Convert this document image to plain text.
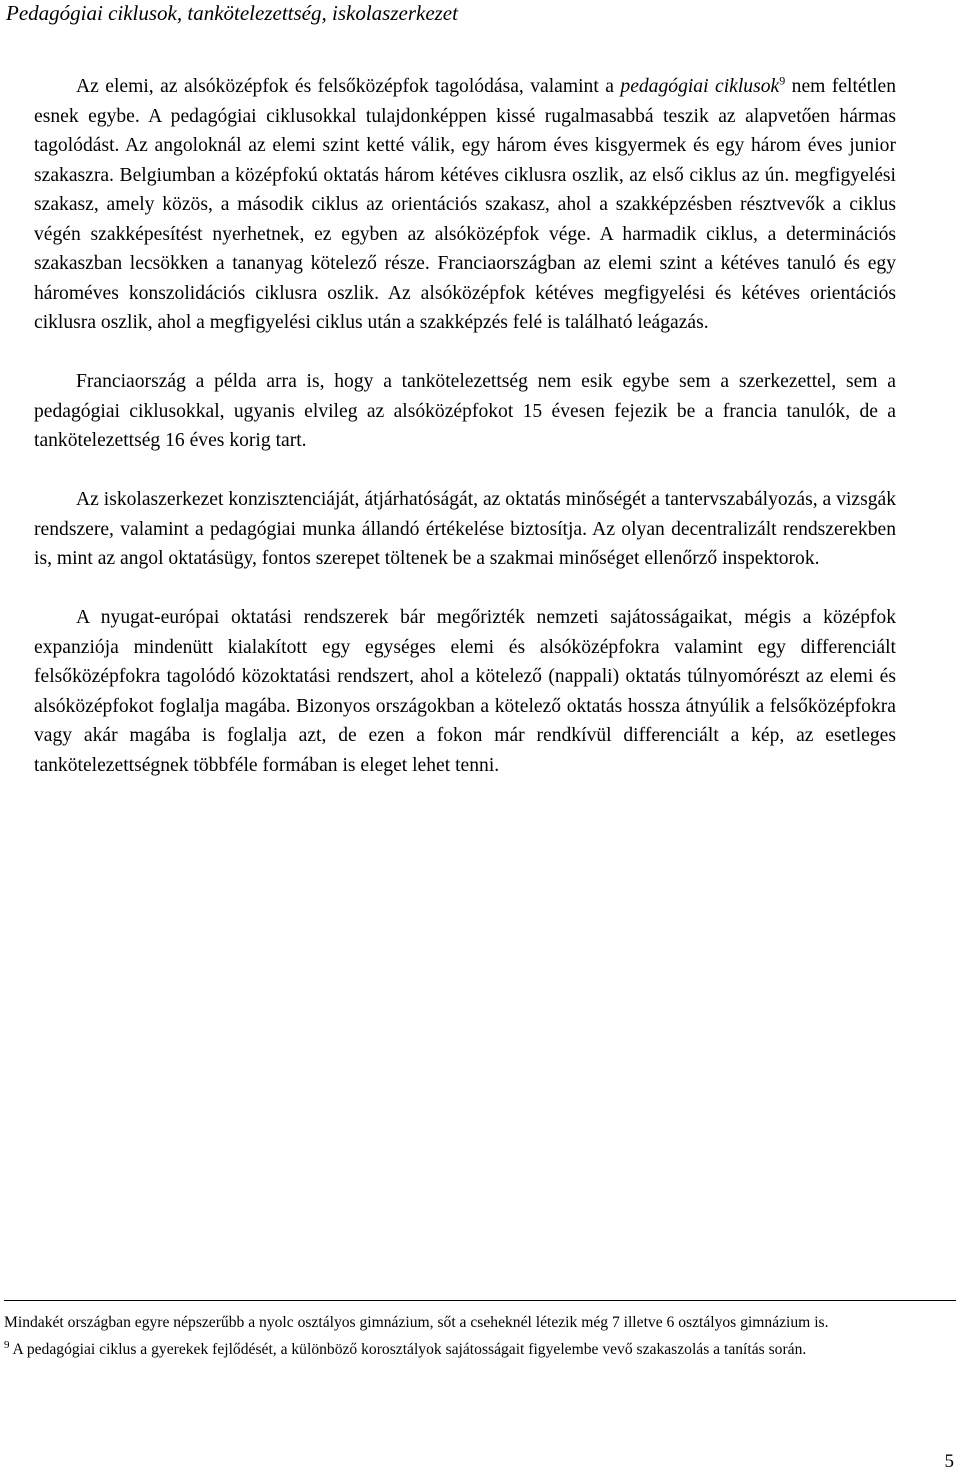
Pedagógiai ciklusok, tankötelezettség, iskolaszerkezet

Az elemi, az alsóközépfok és felsőközépfok tagolódása, valamint a pedagógiai ciklusok$^9$ nem feltétlen esnek egybe. A pedagógiai ciklusokkal tulajdonképpen kissé rugalmasabbá teszik az alapvetően hármas tagolódást. Az angoloknál az elemi szint ketté válik, egy három éves kisgyermek és egy három éves junior szakaszra. Belgiumban a középfokú oktatás három kétéves ciklusra oszlik, az első ciklus az ún. megfigyelési szakasz, amely közös, a második ciklus az orientációs szakasz, ahol a szakképzésben résztvevők a ciklus végén szakképesítést nyerhetnek, ez egyben az alsóközépfok vége. A harmadik ciklus, a determinációs szakaszban lecsökken a tananyag kötelező része. Franciaországban az elemi szint a kétéves tanuló és egy hároméves konszolidációs ciklusra oszlik. Az alsóközépfok kétéves megfigyelési és kétéves orientációs ciklusra oszlik, ahol a megfigyelési ciklus után a szakképzés felé is található leágazás.

Franciaország a példa arra is, hogy a tankötelezettség nem esik egybe sem a szerkezettel, sem a pedagógiai ciklusokkal, ugyanis elvileg az alsóközépfokot 15 évesen fejezik be a francia tanulók, de a tankötelezettség 16 éves korig tart.

Az iskolaszerkezet konzisztenciáját, átjárhatóságát, az oktatás minőségét a tantervszabályozás, a vizsgák rendszere, valamint a pedagógiai munka állandó értékelése biztosítja. Az olyan decentralizált rendszerekben is, mint az angol oktatásügy, fontos szerepet töltenek be a szakmai minőséget ellenőrző inspektorok.

A nyugat-európai oktatási rendszerek bár megőrizték nemzeti sajátosságaikat, mégis a középfok expanziója mindenütt kialakított egy egységes elemi és alsóközépfokra valamint egy differenciált felsőközépfokra tagolódó közoktatási rendszert, ahol a kötelező (nappali) oktatás túlnyomórészt az elemi és alsóközépfokot foglalja magába. Bizonyos országokban a kötelező oktatás hossza átnyúlik a felsőközépfokra vagy akár magába is foglalja azt, de ezen a fokon már rendkívül differenciált a kép, az esetleges tankötelezettségnek többféle formában is eleget lehet tenni.

Mindakét országban egyre népszerűbb a nyolc osztályos gimnázium, sőt a cseheknél létezik még 7 illetve 6 osztályos gimnázium is.

$^9$ A pedagógiai ciklus a gyerekek fejlődését, a különböző korosztályok sajátosságait figyelembe vevő szakaszolás a tanítás során.

5
